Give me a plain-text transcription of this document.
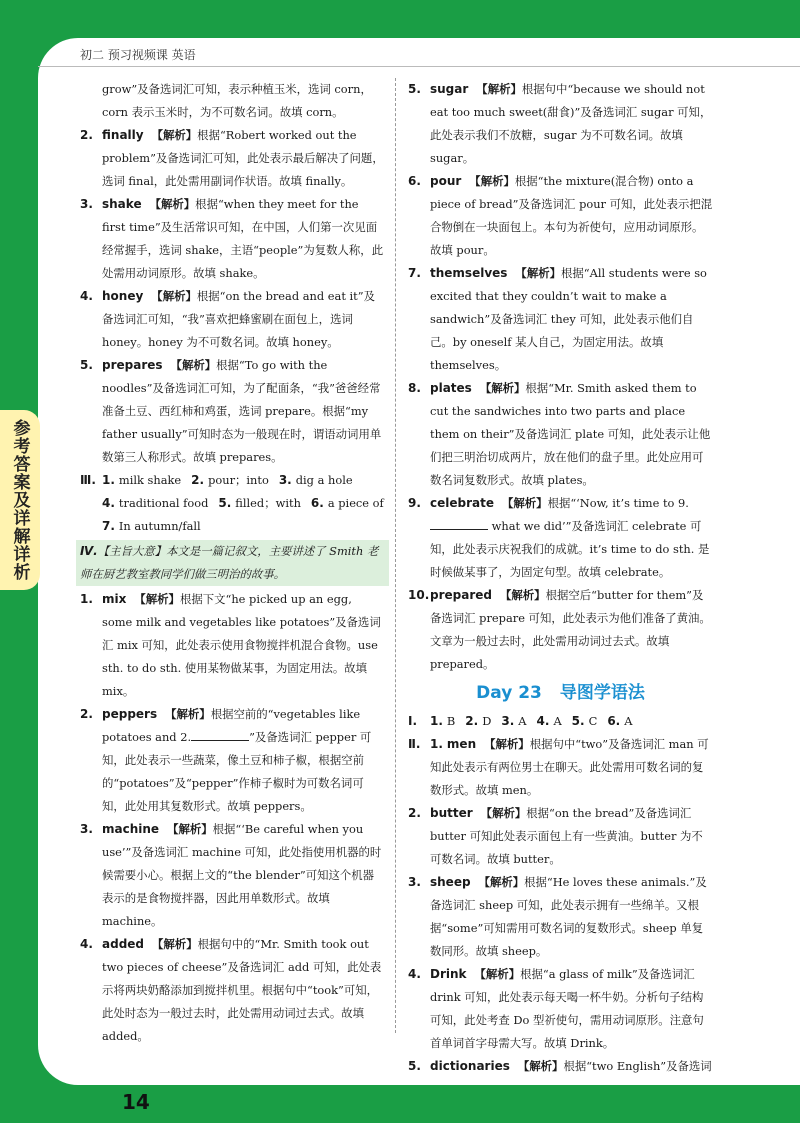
初二 预习视频课 英语
grow”及备选词汇可知，表示种植玉米，选词 corn，corn 表示玉米时，为不可数名词。故填 corn。
2. finally 【解析】根据“Robert worked out the problem”及备选词汇可知，此处表示最后解决了问题，选词 final，此处需用副词作状语。故填 finally。
3. shake 【解析】根据“when they meet for the first time”及生活常识可知，在中国，人们第一次见面经常握手，选词 shake，主语“people”为复数人称，此处需用动词原形。故填 shake。
4. honey 【解析】根据“on the bread and eat it”及备选词汇可知，“我”喜欢把蜂蜜刷在面包上，选词 honey。honey 为不可数名词。故填 honey。
5. prepares 【解析】根据“To go with the noodles”及备选词汇可知，为了配面条，“我”爸爸经常准备土豆、西红柿和鸡蛋，选词 prepare。根据“my father usually”可知时态为一般现在时，谓语动词用单数第三人称形式。故填 prepares。
Ⅲ. 1. milk shake 2. pour；into 3. dig a hole
4. traditional food 5. filled；with 6. a piece of
7. In autumn/fall
Ⅳ.【主旨大意】本文是一篇记叙文，主要讲述了 Smith 老师在厨艺教室教同学们做三明治的故事。
1. mix 【解析】根据下文“he picked up an egg, some milk and vegetables like potatoes”及备选词汇 mix 可知，此处表示使用食物搅拌机混合食物。use sth. to do sth. 使用某物做某事，为固定用法。故填 mix。
2. peppers 【解析】根据空前的“vegetables like potatoes and 2.	”及备选词汇 pepper 可知，此处表示一些蔬菜，像土豆和柿子椒，根据空前的“potatoes”及“pepper”作柿子椒时为可数名词可知，此处用其复数形式。故填 peppers。
3. machine 【解析】根据“‘Be careful when you use’”及备选词汇 machine 可知，此处指使用机器的时候需要小心。根据上文的“the blender”可知这个机器表示的是食物搅拌器，因此用单数形式。故填 machine。
4. added 【解析】根据句中的“Mr. Smith took out two pieces of cheese”及备选词汇 add 可知，此处表示将两块奶酪添加到搅拌机里。根据句中“took”可知，此处时态为一般过去时，此处需用动词过去式。故填 added。
5. sugar 【解析】根据句中“because we should not eat too much sweet(甜食)”及备选词汇 sugar 可知，此处表示我们不放糖，sugar 为不可数名词。故填 sugar。
6. pour 【解析】根据“the mixture(混合物) onto a piece of bread”及备选词汇 pour 可知，此处表示把混合物倒在一块面包上。本句为祈使句，应用动词原形。故填 pour。
7. themselves 【解析】根据“All students were so excited that they couldn’t wait to make a sandwich”及备选词汇 they 可知，此处表示他们自己。by oneself 某人自己，为固定用法。故填 themselves。
8. plates 【解析】根据“Mr. Smith asked them to cut the sandwiches into two parts and place them on their”及备选词汇 plate 可知，此处表示让他们把三明治切成两片，放在他们的盘子里。此处应用可数名词复数形式。故填 plates。
9. celebrate 【解析】根据“‘Now, it’s time to 9. what we did’”及备选词汇 celebrate 可知，此处表示庆祝我们的成就。it’s time to do sth. 是时候做某事了，为固定句型。故填 celebrate。
10. prepared 【解析】根据空后“butter for them”及备选词汇 prepare 可知，此处表示为他们准备了黄油。文章为一般过去时，此处需用动词过去式。故填 prepared。
Day 23 导图学语法
Ⅰ.	1. B 2. D 3. A 4. A 5. C 6. A
Ⅱ. 1. men 【解析】根据句中“two”及备选词汇 man 可知此处表示有两位男士在聊天。此处需用可数名词的复数形式。故填 men。
2. butter 【解析】根据“on the bread”及备选词汇 butter 可知此处表示面包上有一些黄油。butter 为不可数名词。故填 butter。
3. sheep 【解析】根据“He loves these animals.”及备选词汇 sheep 可知，此处表示拥有一些绵羊。又根据“some”可知需用可数名词的复数形式。sheep 单复数同形。故填 sheep。
4. Drink 【解析】根据“a glass of milk”及备选词汇 drink 可知，此处表示每天喝一杯牛奶。分析句子结构可知，此处考查 Do 型祈使句，需用动词原形。注意句首单词首字母需大写。故填 Drink。
5. dictionaries 【解析】根据“two English”及备选词
14
参考答案及详解详析
